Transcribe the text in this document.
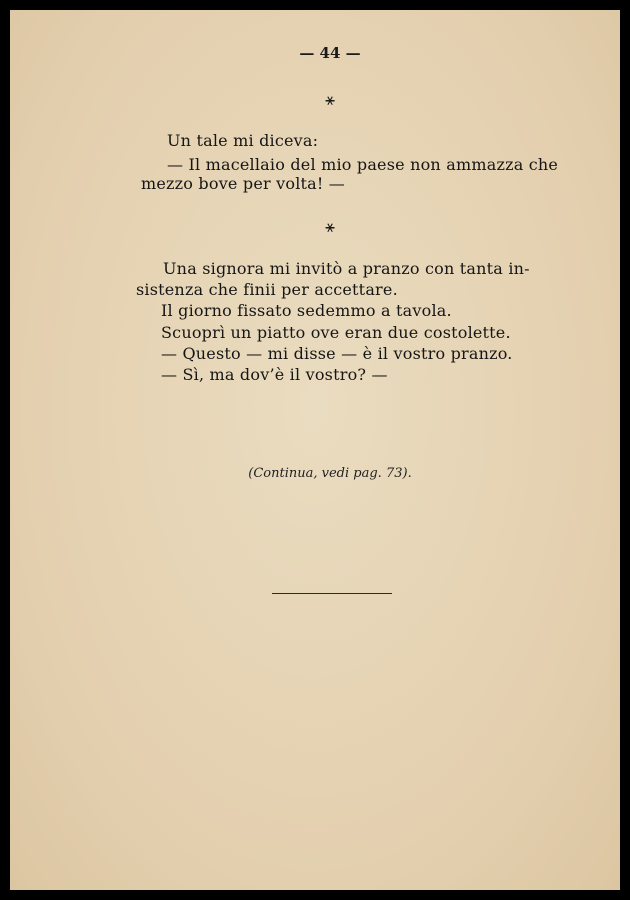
— 44 —
⚹
Un tale mi diceva:
— Il macellaio del mio paese non ammazza che
mezzo bove per volta! —
⚹
Una signora mi invitò a pranzo con tanta in-
sistenza che finii per accettare.
Il giorno fissato sedemmo a tavola.
Scuoprì un piatto ove eran due costolette.
— Questo — mi disse — è il vostro pranzo.
— Sì, ma dov’è il vostro? —
(Continua, vedi pag. 73).
